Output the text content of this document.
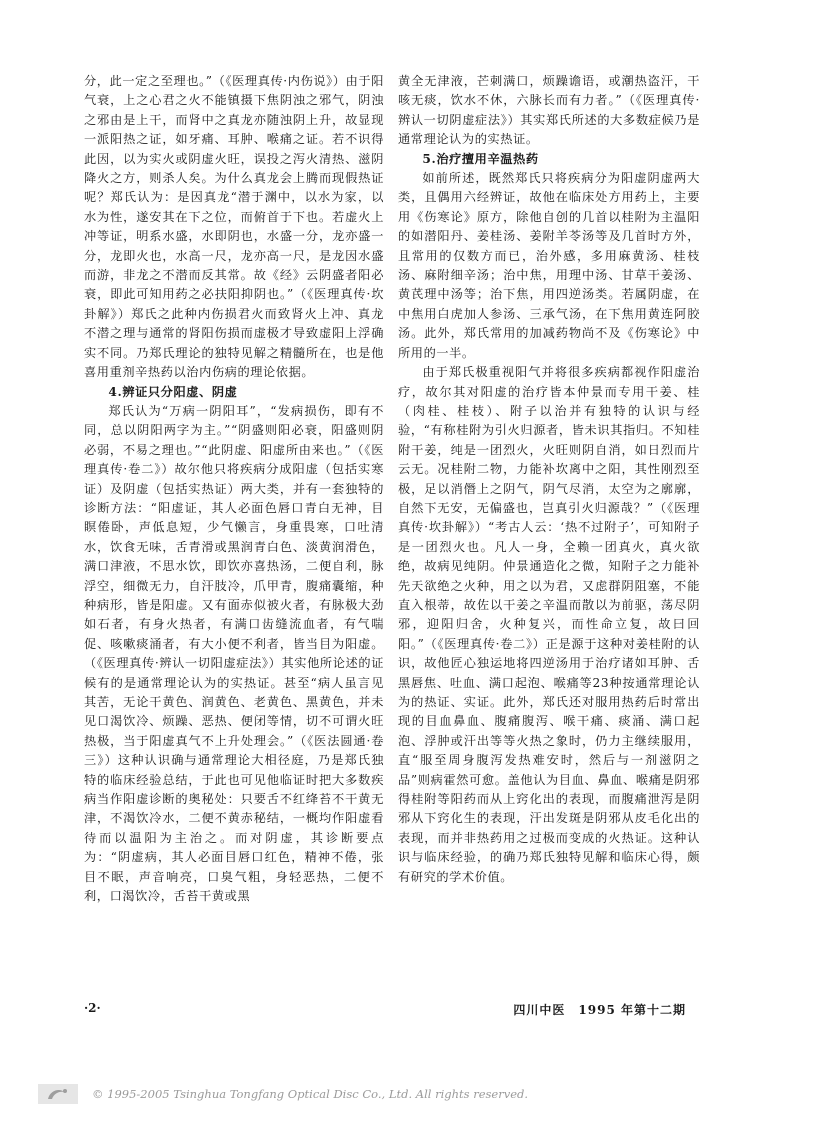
分，此一定之至理也。”（《医理真传·内伤说》）由于阳气衰，上之心君之火不能镇摄下焦阴浊之邪气，阴浊之邪由是上干，而肾中之真龙亦随浊阴上升，故显现一派阳热之证，如牙痛、耳肿、喉痛之证。若不识得此因，以为实火或阴虚火旺，误投之泻火清热、滋阴降火之方，则杀人矣。为什么真龙会上腾而现假热证呢？郑氏认为：是因真龙“潜于渊中，以水为家，以水为性，遂安其在下之位，而俯首于下也。若虚火上冲等证，明系水盛，水即阴也，水盛一分，龙亦盛一分，龙即火也，水高一尺，龙亦高一尺，是龙因水盛而游，非龙之不潜而反其常。故《经》云阴盛者阳必衰，即此可知用药之必扶阳抑阴也。”（《医理真传·坎卦解》）郑氏之此种内伤损君火而致肾火上冲、真龙不潜之理与通常的肾阳伤损而虚极才导致虚阳上浮确实不同。乃郑氏理论的独特见解之精髓所在，也是他喜用重剂辛热药以治内伤病的理论依据。

4.辨证只分阳虚、阴虚

郑氏认为“万病一阴阳耳”，“发病损伤，即有不同，总以阴阳两字为主。”“阴盛则阳必衰，阳盛则阴必弱，不易之理也。”“此阴虚、阳虚所由来也。”（《医理真传·卷二》）故尔他只将疾病分成阳虚（包括实寒证）及阴虚（包括实热证）两大类，并有一套独特的诊断方法：“阳虚证，其人必面色唇口青白无神，目瞑倦卧，声低息短，少气懒言，身重畏寒，口吐清水，饮食无味，舌青滑或黑润青白色、淡黄润滑色，满口津液，不思水饮，即饮亦喜热汤，二便自利，脉浮空，细微无力，自汗肢冷，爪甲青，腹痛囊缩，种种病形，皆是阳虚。又有面赤似被火者，有脉极大劲如石者，有身火热者，有满口齿缝流血者，有气喘促、咳嗽痰涌者，有大小便不利者，皆当目为阳虚。（《医理真传·辨认一切阳虚症法》）其实他所论述的证候有的是通常理论认为的实热证。甚至“病人虽言见其苦，无论干黄色、润黄色、老黄色、黑黄色，并未见口渴饮冷、烦躁、恶热、便闭等情，切不可谓火旺热极，当于阳虚真气不上升处理会。”（《医法圆通·卷三》）这种认识确与通常理论大相径庭，乃是郑氏独特的临床经验总结，于此也可见他临证时把大多数疾病当作阳虚诊断的奥秘处：只要舌不红绛苔不干黄无津，不渴饮冷水，二便不黄赤秘结，一概均作阳虚看待而以温阳为主治之。而对阴虚，其诊断要点为：“阴虚病，其人必面目唇口红色，精神不倦，张目不眠，声音响亮，口臭气粗，身轻恶热，二便不利，口渴饮冷，舌苔干黄或黑

黄全无津液，芒刺满口，烦躁谵语，或潮热盗汗，干咳无痰，饮水不休，六脉长而有力者。”（《医理真传·辨认一切阴虚症法》）其实郑氏所述的大多数症候乃是通常理论认为的实热证。

5.治疗擅用辛温热药

如前所述，既然郑氏只将疾病分为阳虚阴虚两大类，且偶用六经辨证，故他在临床处方用药上，主要用《伤寒论》原方，除他自创的几首以桂附为主温阳的如潜阳丹、姜桂汤、姜附羊苓汤等及几首时方外，且常用的仅数方而已，治外感，多用麻黄汤、桂枝汤、麻附细辛汤；治中焦，用理中汤、甘草干姜汤、黄芪理中汤等；治下焦，用四逆汤类。若属阴虚，在中焦用白虎加人参汤、三承气汤，在下焦用黄连阿胶汤。此外，郑氏常用的加减药物尚不及《伤寒论》中所用的一半。

由于郑氏极重视阳气并将很多疾病都视作阳虚治疗，故尔其对阳虚的治疗皆本仲景而专用干姜、桂（肉桂、桂枝）、附子以治并有独特的认识与经验，“有称桂附为引火归源者，皆未识其指归。不知桂附干姜，纯是一团烈火，火旺则阴自消，如日烈而片云无。况桂附二物，力能补坎离中之阳，其性刚烈至极，足以消僭上之阴气，阴气尽消，太空为之廓廓，自然下无安，无偏盛也，岂真引火归源哉？”（《医理真传·坎卦解》）“考古人云：‘热不过附子’，可知附子是一团烈火也。凡人一身，全赖一团真火，真火欲绝，故病见纯阴。仲景通造化之微，知附子之力能补先天欲绝之火种，用之以为君，又虑群阴阻塞，不能直入根蒂，故佐以干姜之辛温而散以为前驱，荡尽阴邪，迎阳归舍，火种复兴，而性命立复，故曰回阳。”（《医理真传·卷二》）正是源于这种对姜桂附的认识，故他匠心独运地将四逆汤用于治疗诸如耳肿、舌黑唇焦、吐血、满口起泡、喉痛等23种按通常理论认为的热证、实证。此外，郑氏还对服用热药后时常出现的目血鼻血、腹痛腹泻、喉干痛、痰涌、满口起泡、浮肿或汗出等等火热之象时，仍力主继续服用，直“服至周身腹泻发热难安时，然后与一剂滋阴之品”则病霍然可愈。盖他认为目血、鼻血、喉痛是阴邪得桂附等阳药而从上窍化出的表现，而腹痛泄泻是阴邪从下窍化生的表现，汗出发斑是阴邪从皮毛化出的表现，而并非热药用之过极而变成的火热证。这种认识与临床经验，的确乃郑氏独特见解和临床心得，颇有研究的学术价值。

·2·	四川中医　1995 年第十二期
© 1995-2005 Tsinghua Tongfang Optical Disc Co., Ltd. All rights reserved.
